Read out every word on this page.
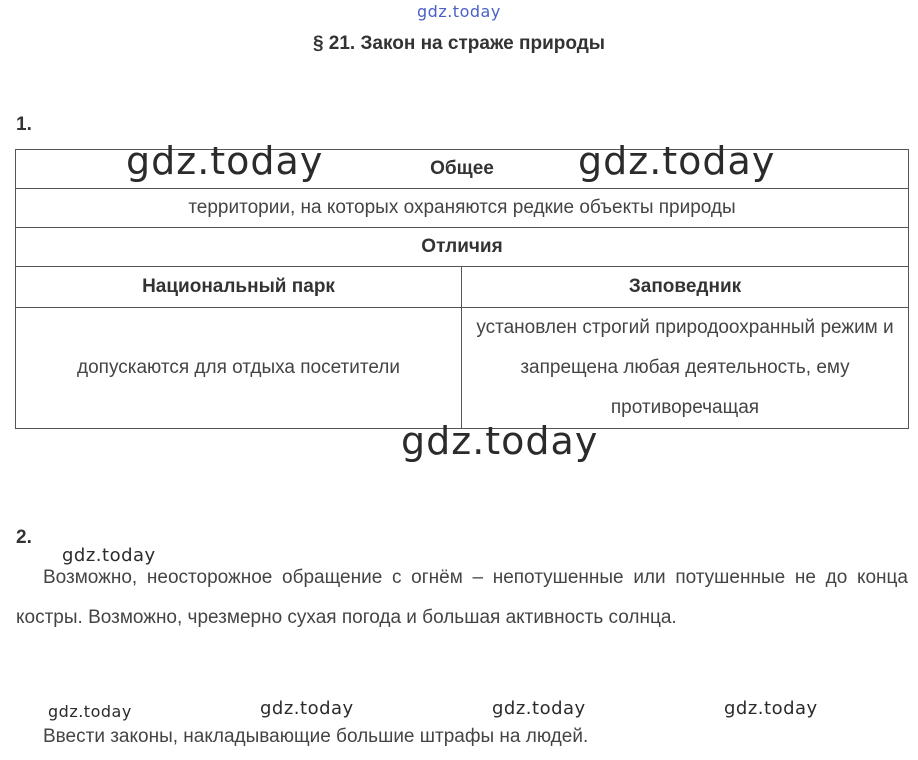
gdz.today
§ 21. Закон на страже природы
1.
Общее	
территории, на которых охраняются редкие объекты природы	
Отличия	
Национальный парк	Заповедник
допускаются для отдыха посетители	установлен строгий природоохранный режим и запрещена любая деятельность, ему противоречащая
gdz.today	gdz.today
gdz.today
2.
gdz.today
Возможно, неосторожное обращение с огнём – непотушенные или потушенные не до конца костры. Возможно, чрезмерно сухая погода и большая активность солнца.
gdz.today	gdz.today	gdz.today	gdz.today
Ввести законы, накладывающие большие штрафы на людей.
